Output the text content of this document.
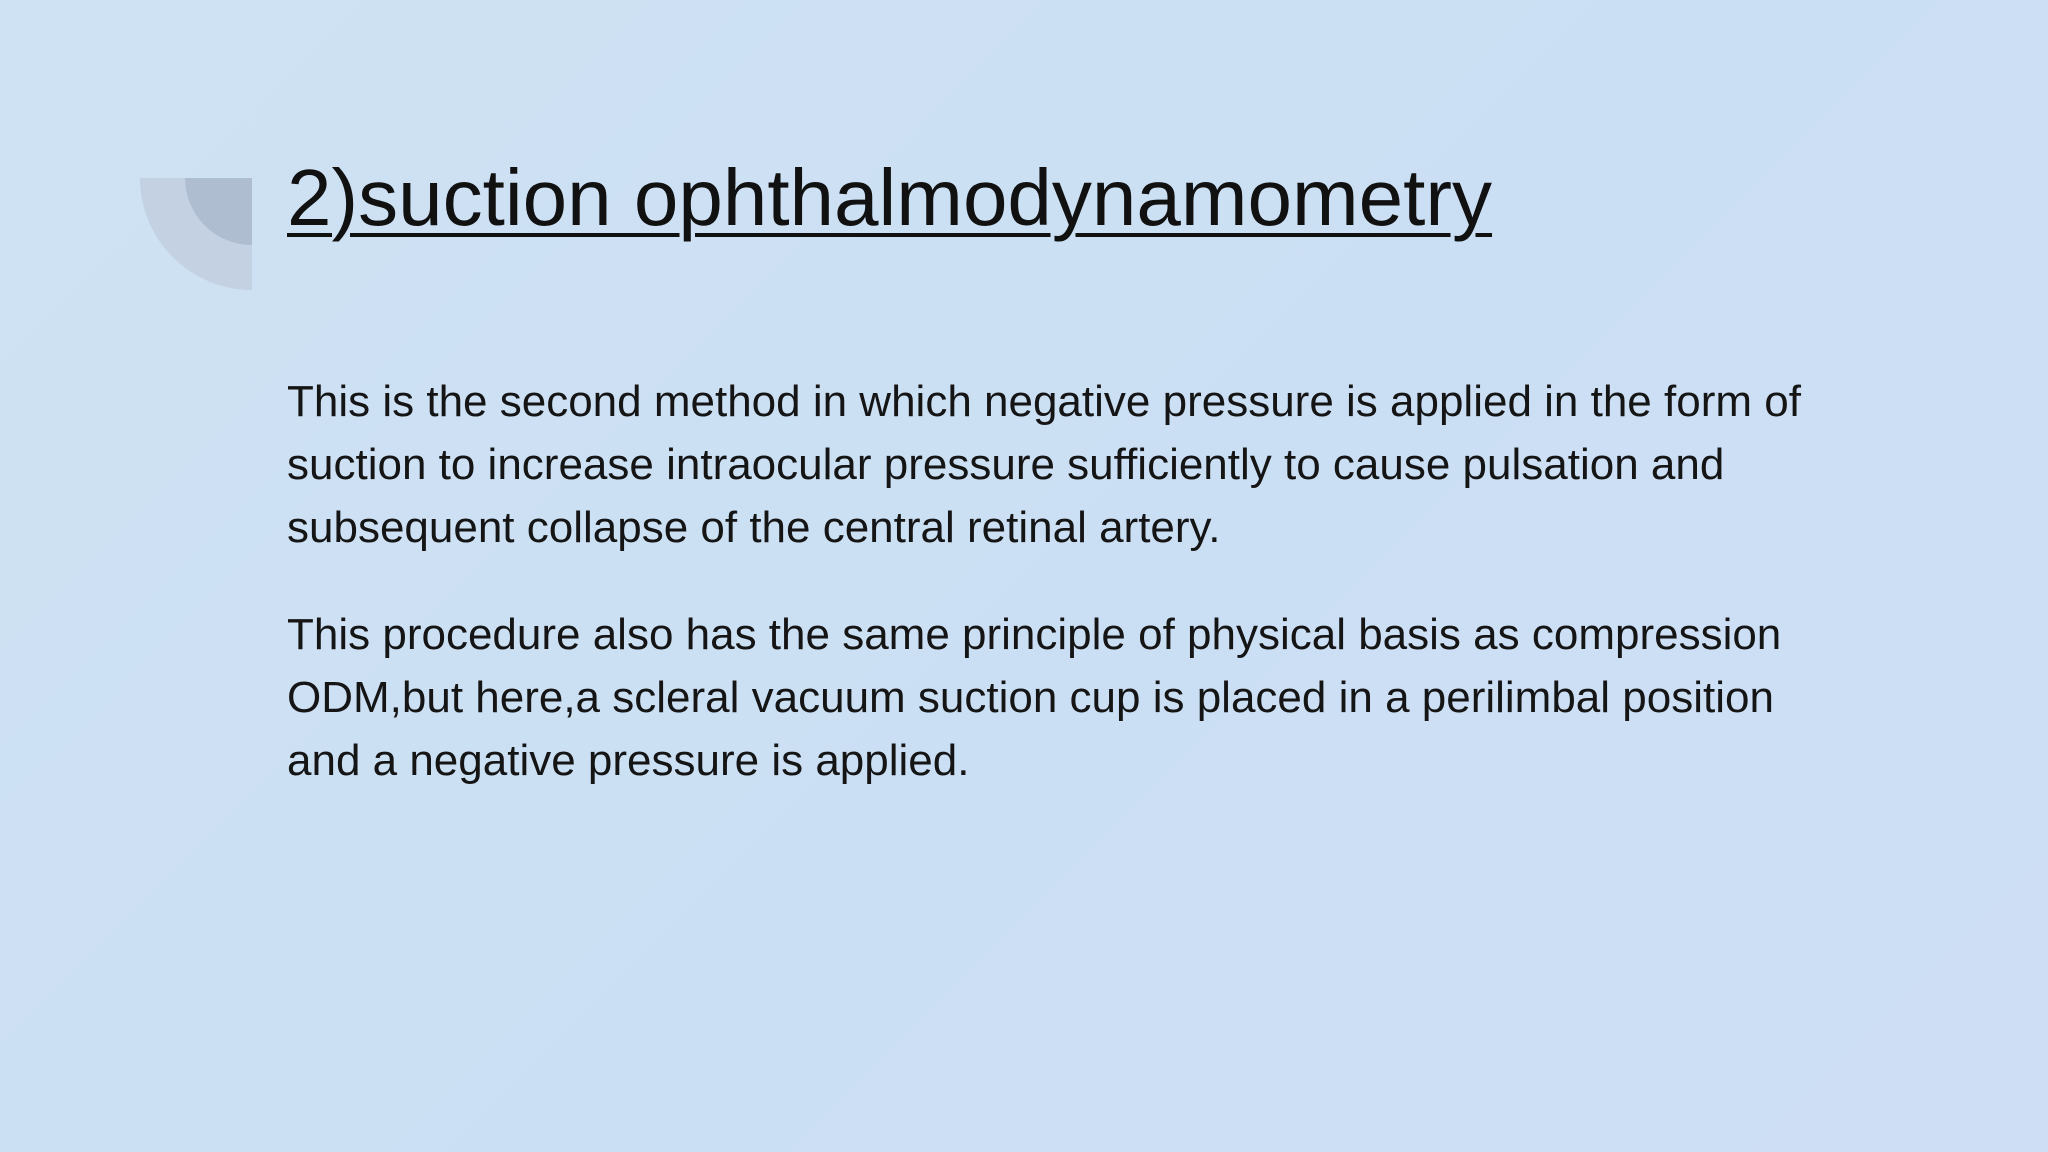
2)suction ophthalmodynamometry

This is the second method in which negative pressure is applied in the form of suction to increase intraocular pressure sufficiently to cause pulsation and subsequent collapse of the central retinal artery.

This procedure also has the same principle of physical basis as compression ODM,but here,a scleral vacuum suction cup is placed in a perilimbal position and a negative pressure is applied.
